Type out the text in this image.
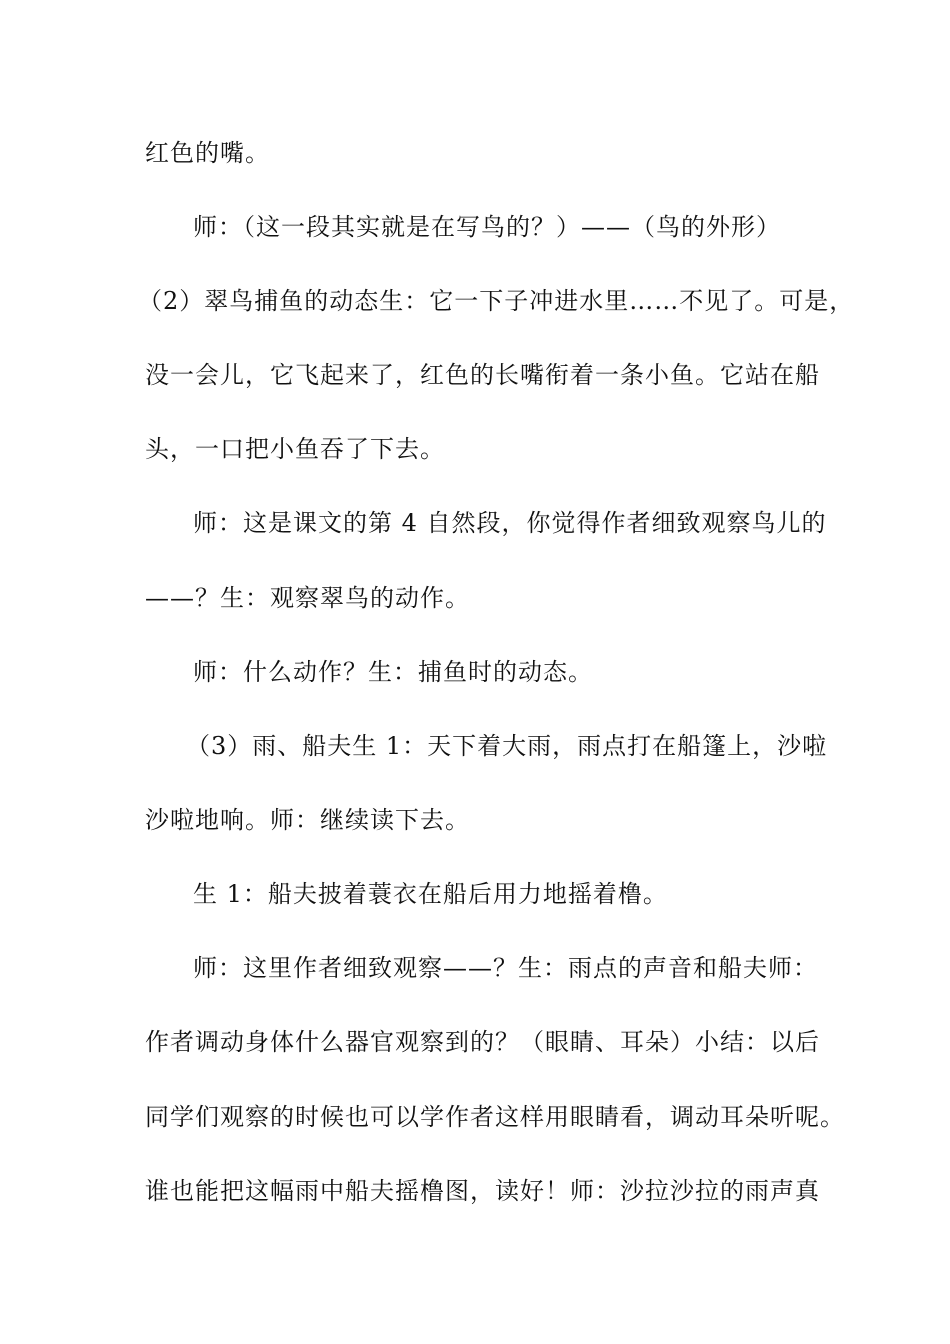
红色的嘴。
师：（这一段其实就是在写鸟的？）——（鸟的外形）
（2）翠鸟捕鱼的动态生：它一下子冲进水里……不见了。可是，
没一会儿，它飞起来了，红色的长嘴衔着一条小鱼。它站在船
头，一口把小鱼吞了下去。
师：这是课文的第 4 自然段，你觉得作者细致观察鸟儿的
——？生：观察翠鸟的动作。
师：什么动作？生：捕鱼时的动态。
（3）雨、船夫生 1：天下着大雨，雨点打在船篷上，沙啦
沙啦地响。师：继续读下去。
生 1：船夫披着蓑衣在船后用力地摇着橹。
师：这里作者细致观察——？生：雨点的声音和船夫师：
作者调动身体什么器官观察到的？（眼睛、耳朵）小结：以后
同学们观察的时候也可以学作者这样用眼睛看，调动耳朵听呢。
谁也能把这幅雨中船夫摇橹图，读好！师：沙拉沙拉的雨声真
